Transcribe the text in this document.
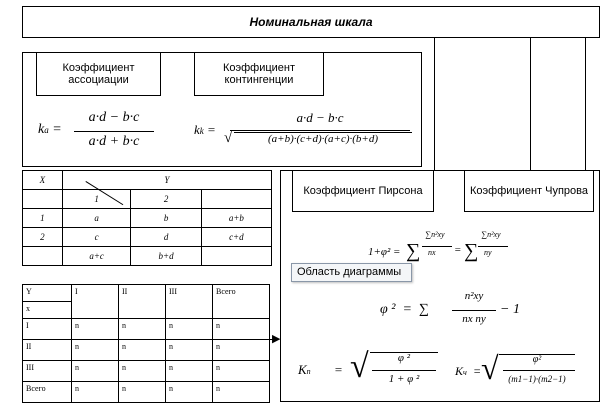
Номинальная шкала
Коэффициент ассоциации
Коэффициент контингенции
ka =
a·d − b·c
a·d + b·c
kk =
a·d − b·c
√	(a+b)·(c+d)·(a+c)·(b+d)
X	Y		
	1	2	
1	a	b	a+b
2	c	d	c+d
	a+c	b+d	
Y	I	II	III	Всего
x				
I	n	n	n	n
II	n	n	n	n
III	n	n	n	n
Всего	n	n	n	n
▶
Коэффициент Пирсона	Коэффициент Чупрова
1+φ² = ∑
∑n²xy
nx = ∑
∑n²xy
ny
Область диаграммы
φ ²  =  ∑
n²xy
nx ny
− 1
Kп = √	φ ²
1 + φ ²
Kч = √	φ²
(m1−1)·(m2−1)
